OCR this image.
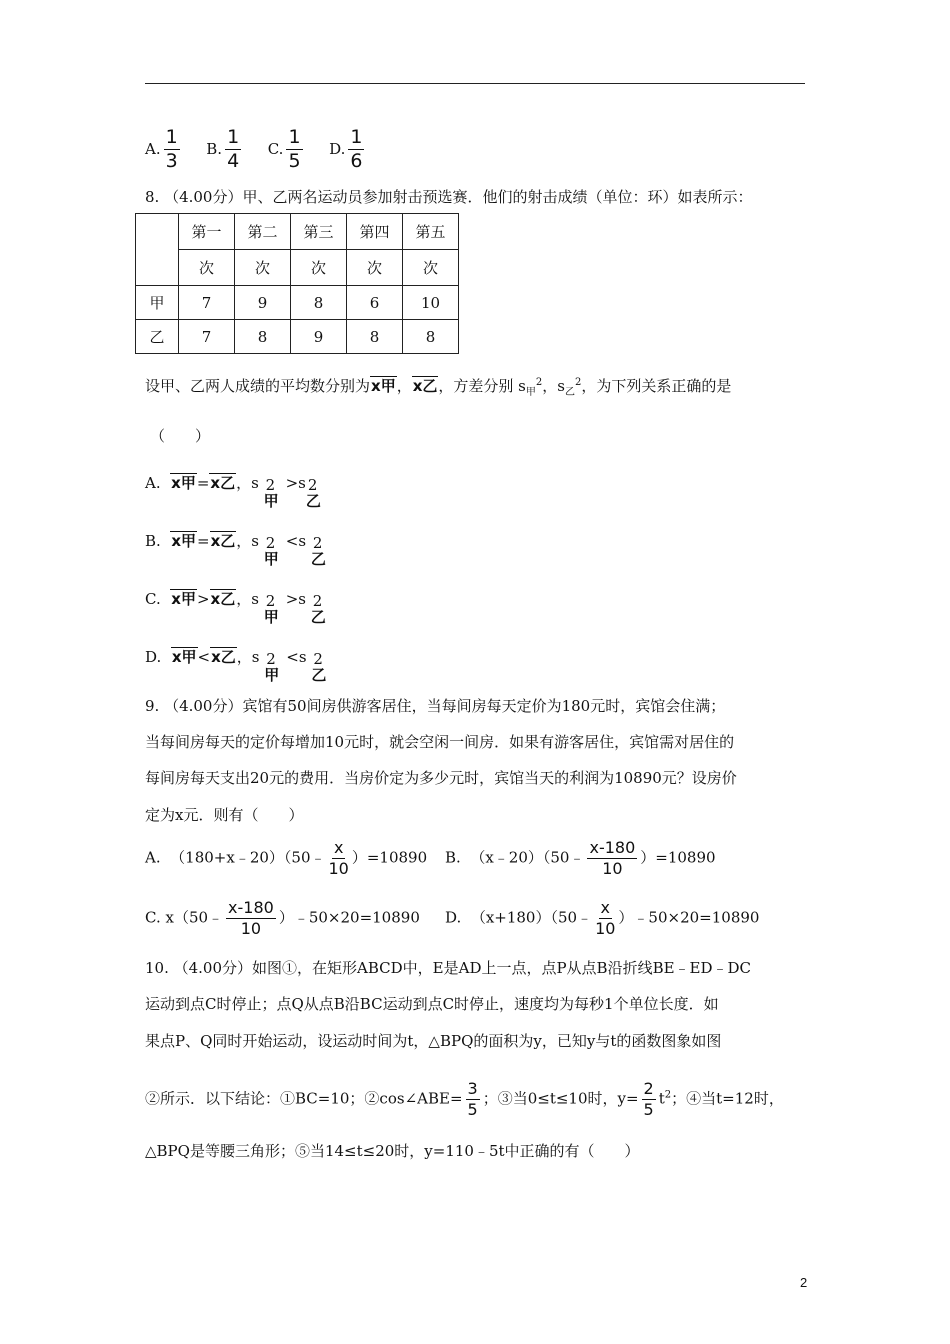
A. $\frac{1}{3} B$. $\frac{1}{4} C$. $\frac{1}{5} D$. $\frac{1}{6}$
8. （4.00分）甲、乙两名运动员参加射击预选赛．他们的射击成绩（单位：环）如表所示：
	第一	第二	第三	第四	第五
	次	次	次	次	次
甲	7	9	8	6	10
乙	7	8	9	8	8
设甲、乙两人成绩的平均数分别为x甲，x乙，方差分别 $s_甲^2$，$s_乙^2$，为下列关系正确的是
（　　）
A. x甲=x乙，s 2
甲
>s 2
乙
B. x甲=x乙，s 2
甲
<s 2
乙
C. x甲>x乙，s 2
甲
>s 2
乙
D. x甲<x乙，s 2
甲
<s 2
乙
9. （4.00分）宾馆有50间房供游客居住，当每间房每天定价为180元时，宾馆会住满；
当每间房每天的定价每增加10元时，就会空闲一间房．如果有游客居住，宾馆需对居住的
每间房每天支出20元的费用．当房价定为多少元时，宾馆当天的利润为10890元？设房价
定为x元．则有（　　）
A. （180+x﹣20）（50﹣ $\frac{x}{10} )=10890$ B. （x﹣20）（50﹣ $\frac{x-180}{10} )=10890$
C. x（50﹣ $\frac{x-180}{10}$ ）﹣50×20=10890 D. （x+180）（50﹣ $\frac{x}{10}$ ）﹣50×20=10890
10. （4.00分）如图①，在矩形ABCD中，E是AD上一点，点P从点B沿折线BE﹣ED﹣DC
运动到点C时停止；点Q从点B沿BC运动到点C时停止，速度均为每秒1个单位长度．如
果点P、Q同时开始运动，设运动时间为t，△BPQ的面积为y，已知y与t的函数图象如图
②所示．以下结论：①BC=10；②cos∠ABE= $\frac{3}{5}$ ；③当0≤t≤10时，$y= \frac{2}{5} t^2$；④当t=12时，
△BPQ是等腰三角形；⑤当14≤t≤20时，y=110﹣5t中正确的有（　　）
2
